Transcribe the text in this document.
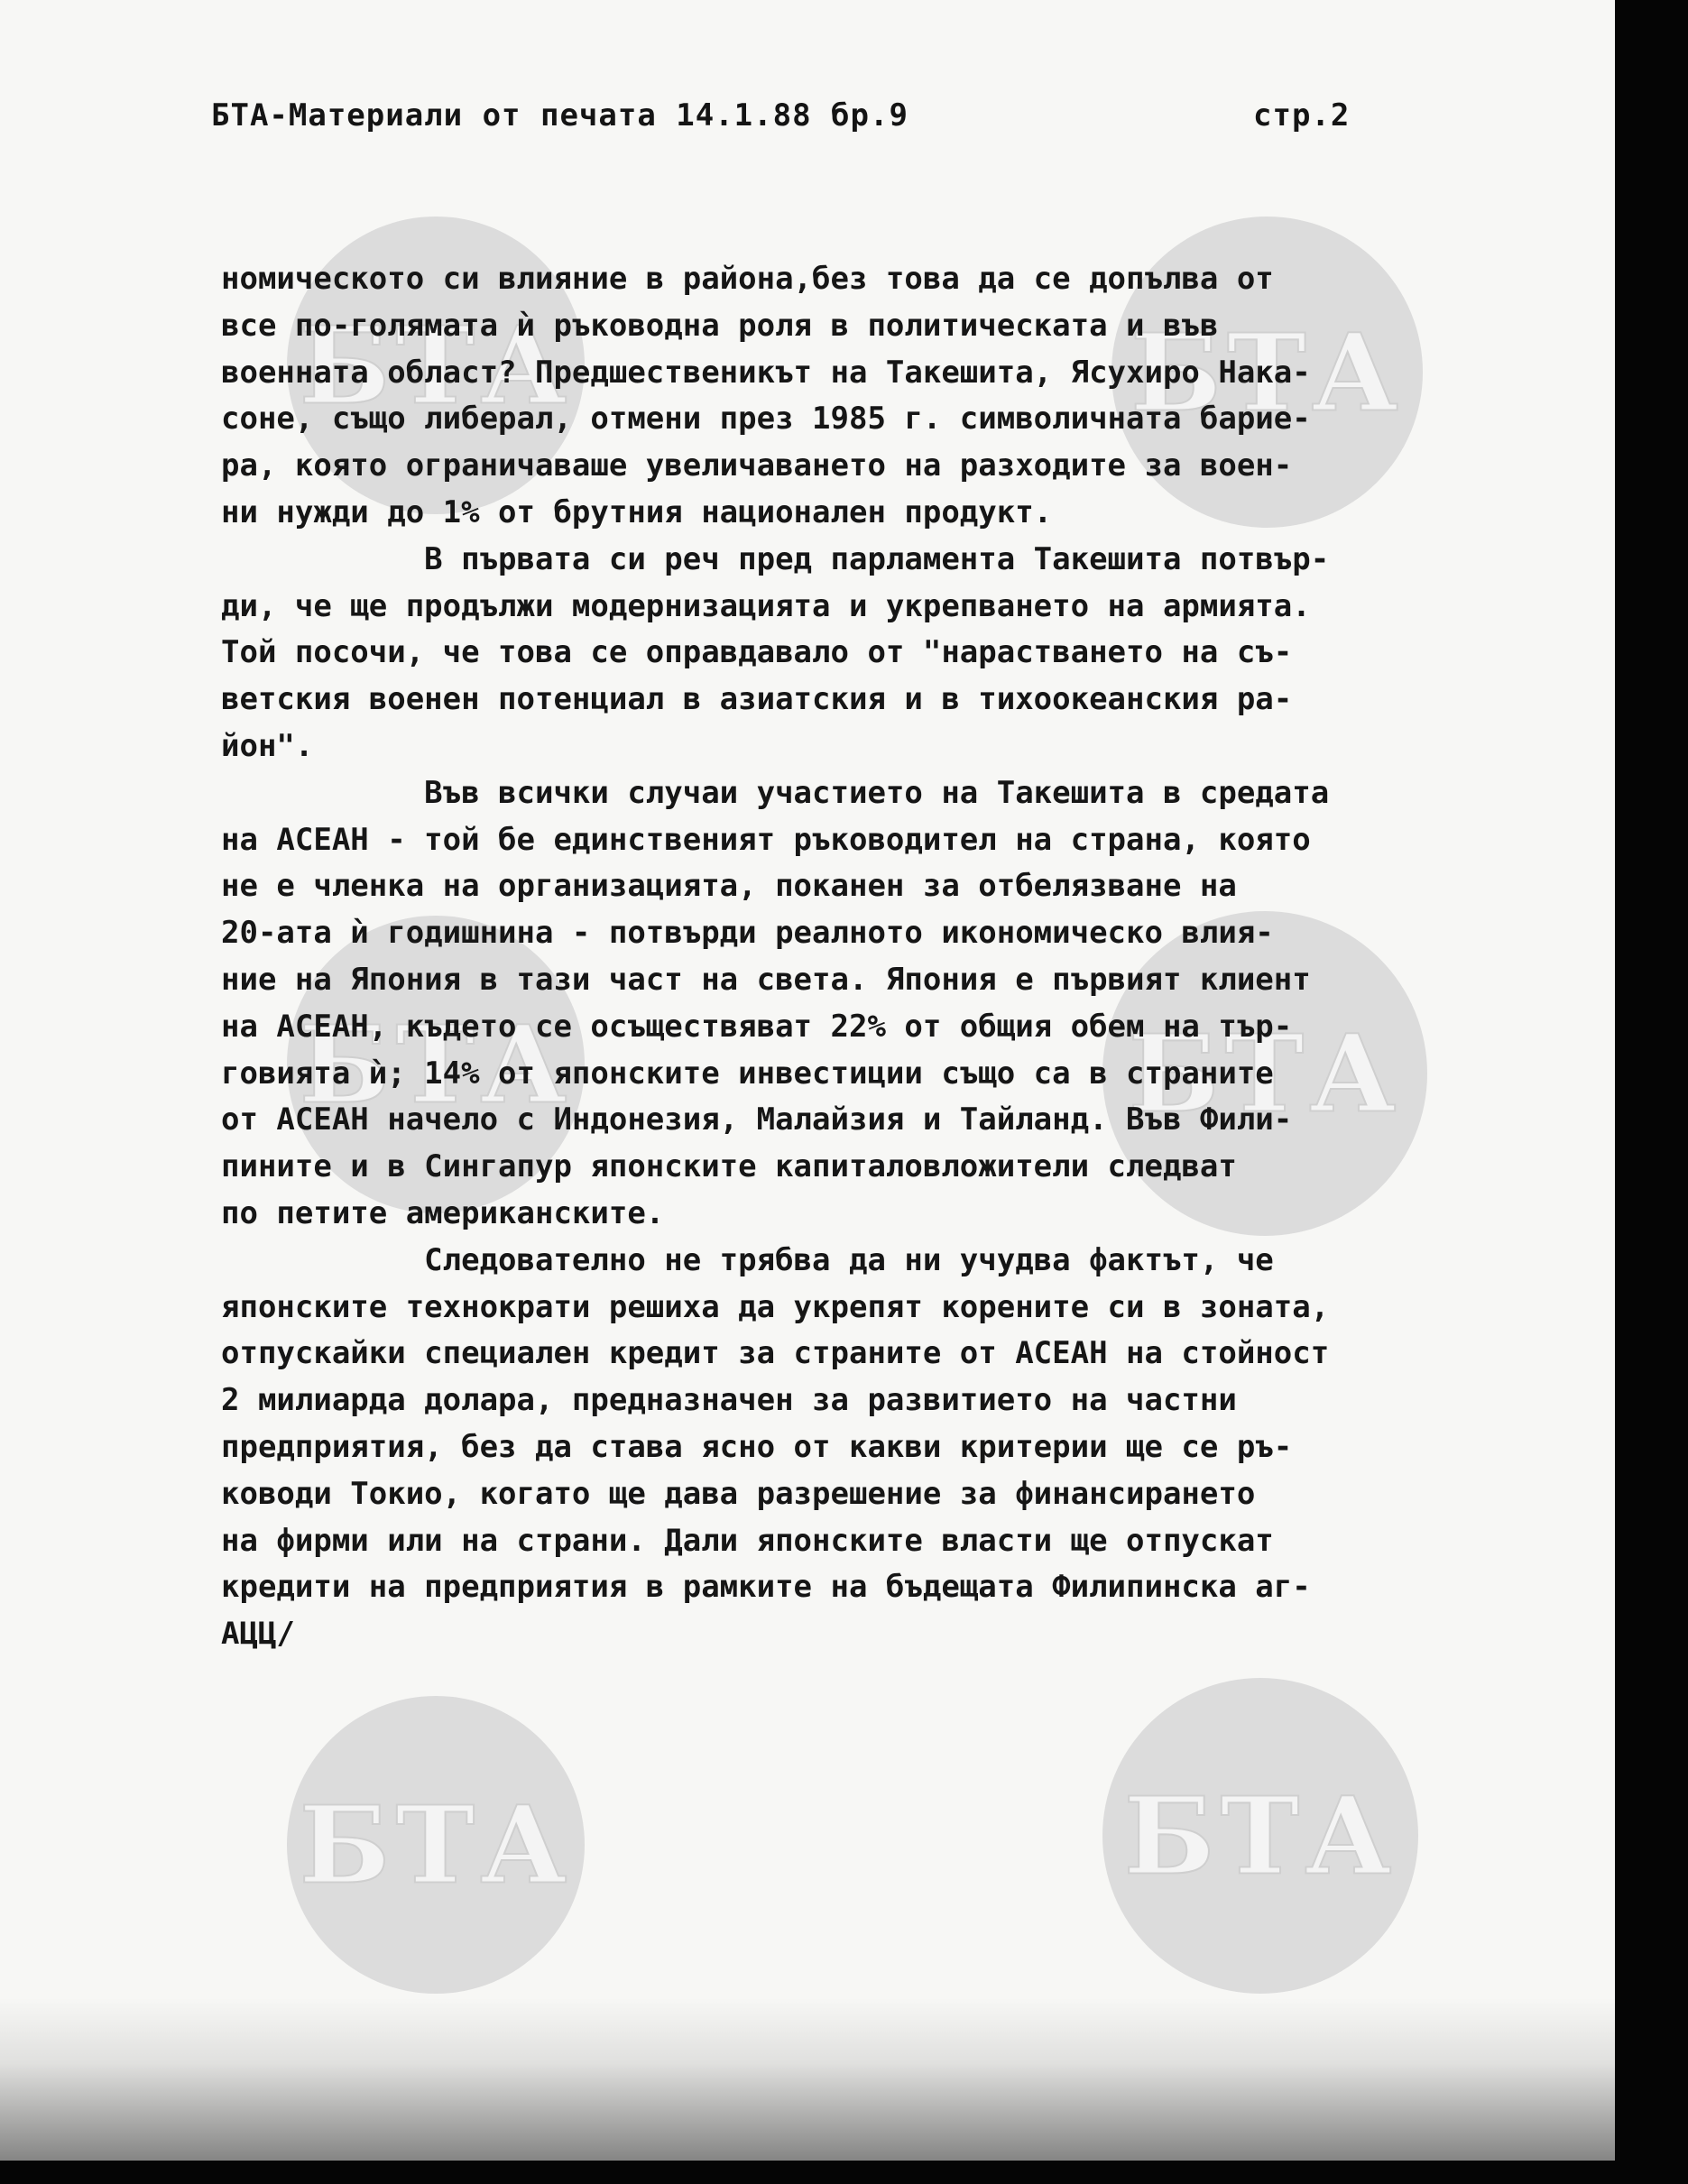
БТА	БТА
БТА	БТА
БТА	БТА
БТА-Материали от печата 14.1.88 бр.9	стр.2
номическото си влияние в района,без това да се допълва от
все по-голямата ѝ ръководна роля в политическата и във
военната област? Предшественикът на Такешита, Ясухиро Нака-
соне, също либерал, отмени през 1985 г. символичната барие-
ра, която ограничаваше увеличаването на разходите за воен-
ни нужди до 1% от брутния национален продукт.
В първата си реч пред парламента Такешита потвър-
ди, че ще продължи модернизацията и укрепването на армията.
Той посочи, че това се оправдавало от "нарастването на съ-
ветския военен потенциал в азиатския и в тихоокеанския ра-
йон".
Във всички случаи участието на Такешита в средата
на АСЕАН - той бе единственият ръководител на страна, която
не е членка на организацията, поканен за отбелязване на
20-ата ѝ годишнина - потвърди реалното икономическо влия-
ние на Япония в тази част на света. Япония е първият клиент
на АСЕАН, където се осъществяват 22% от общия обем на тър-
говията ѝ; 14% от японските инвестиции също са в страните
от АСЕАН начело с Индонезия, Малайзия и Тайланд. Във Фили-
пините и в Сингапур японските капиталовложители следват
по петите американските.
Следователно не трябва да ни учудва фактът, че
японските технократи решиха да укрепят корените си в зоната,
отпускайки специален кредит за страните от АСЕАН на стойност
2 милиарда долара, предназначен за развитието на частни
предприятия, без да става ясно от какви критерии ще се ръ-
ководи Токио, когато ще дава разрешение за финансирането
на фирми или на страни. Дали японските власти ще отпускат
кредити на предприятия в рамките на бъдещата Филипинска аг-
АЦЦ/
